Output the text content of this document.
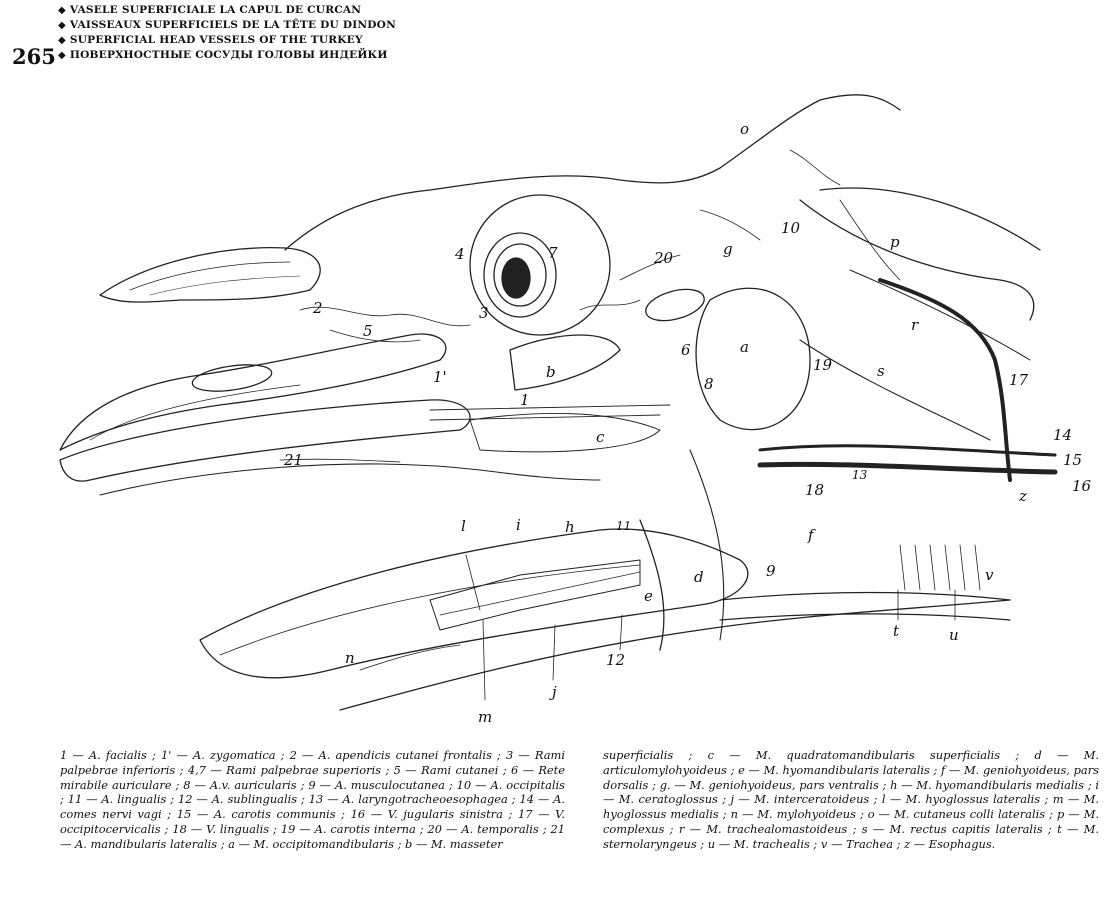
265
◆ VASELE SUPERFICIALE LA CAPUL DE CURCAN
◆ VAISSEAUX SUPERFICIELS DE LA TÊTE DU DINDON
◆ SUPERFICIAL HEAD VESSELS OF THE TURKEY
◆ ПОВЕРХНОСТНЫЕ СОСУДЫ ГОЛОВЫ ИНДЕЙКИ
1
1'
2	3
4
5
6
7
8
9
10
11
12
13
14
15
16
17
18
19
20
21
a
b
c
d
e
f
g
h
i
j
l
m
n
o
p
r
s
t	u
v
z
1 — A. facialis ; 1' — A. zygomatica ; 2 — A. apendicis cutanei frontalis ; 3 — Rami palpebrae inferioris ; 4,7 — Rami palpebrae superioris ; 5 — Rami cutanei ; 6 — Rete mirabile auriculare ; 8 — A.v. auricularis ; 9 — A. musculocutanea ; 10 — A. occipitalis ; 11 — A. lingualis ; 12 — A. sublingualis ; 13 — A. laryngotracheoesophagea ; 14 — A. comes nervi vagi ; 15 — A. carotis communis ; 16 — V. jugularis sinistra ; 17 — V. occipitocervicalis ; 18 — V. lingualis ; 19 — A. carotis interna ; 20 — A. temporalis ; 21 — A. mandibularis lateralis ; a — M. occipitomandibularis ; b — M. masseter
superficialis ; c — M. quadratomandibularis superficialis ; d — M. articulomylohyoideus ; e — M. hyomandibularis lateralis ; f — M. geniohyoideus, pars dorsalis ; g. — M. geniohyoideus, pars ventralis ; h — M. hyomandibularis medialis ; i — M. ceratoglossus ; j — M. interceratoideus ; l — M. hyoglossus lateralis ; m — M. hyoglossus medialis ; n — M. mylohyoideus ; o — M. cutaneus colli lateralis ; p — M. complexus ; r — M. trachealomastoideus ; s — M. rectus capitis lateralis ; t — M. sternolaryngeus ; u — M. trachealis ; v — Trachea ; z — Esophagus.
